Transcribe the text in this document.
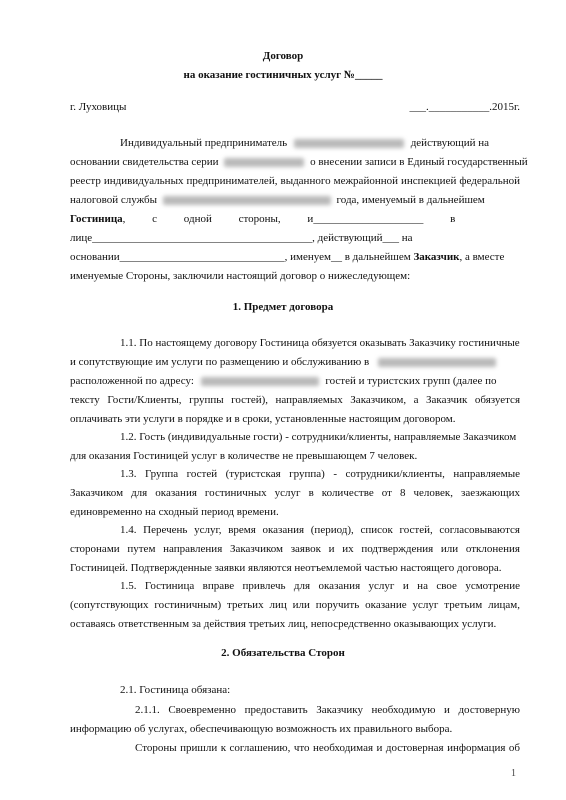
Договор
на оказание гостиничных услуг №_____
г. Луховицы	___.___________.2015г.
Индивидуальный предприниматель	действующий на
основании свидетельства серии	о внесении записи в Единый государственный
реестр индивидуальных предпринимателей, выданного межрайонной инспекцией федеральной
налоговой службы	года, именуемый в дальнейшем
Гостиница, с одной стороны, и____________________ в
лице________________________________________, действующий___ на
основании______________________________, именуем__ в дальнейшем Заказчик, а вместе
именуемые Стороны, заключили настоящий договор о нижеследующем:
1. Предмет договора
1.1. По настоящему договору Гостиница обязуется оказывать Заказчику гостиничные
и сопутствующие им услуги по размещению и обслуживанию в
расположенной по адресу:	гостей и туристских групп (далее по
тексту Гости/Клиенты, группы гостей), направляемых Заказчиком, а Заказчик обязуется
оплачивать эти услуги в порядке и в сроки, установленные настоящим договором.
1.2. Гость (индивидуальные гости) - сотрудники/клиенты, направляемые Заказчиком
для оказания Гостиницей услуг в количестве не превышающем 7 человек.
1.3. Группа гостей (туристская группа) - сотрудники/клиенты, направляемые
Заказчиком для оказания гостиничных услуг в количестве от 8 человек, заезжающих
единовременно на сходный период времени.
1.4. Перечень услуг, время оказания (период), список гостей, согласовываются
сторонами путем направления Заказчиком заявок и их подтверждения или отклонения
Гостиницей. Подтвержденные заявки являются неотъемлемой частью настоящего договора.
1.5. Гостиница вправе привлечь для оказания услуг и на свое усмотрение
(сопутствующих гостиничным) третьих лиц или поручить оказание услуг третьим лицам,
оставаясь ответственным за действия третьих лиц, непосредственно оказывающих услуги.
2. Обязательства Сторон
2.1. Гостиница обязана:
2.1.1. Своевременно предоставить Заказчику необходимую и достоверную
информацию об услугах, обеспечивающую возможность их правильного выбора.
Стороны пришли к соглашению, что необходимая и достоверная информация об
1
